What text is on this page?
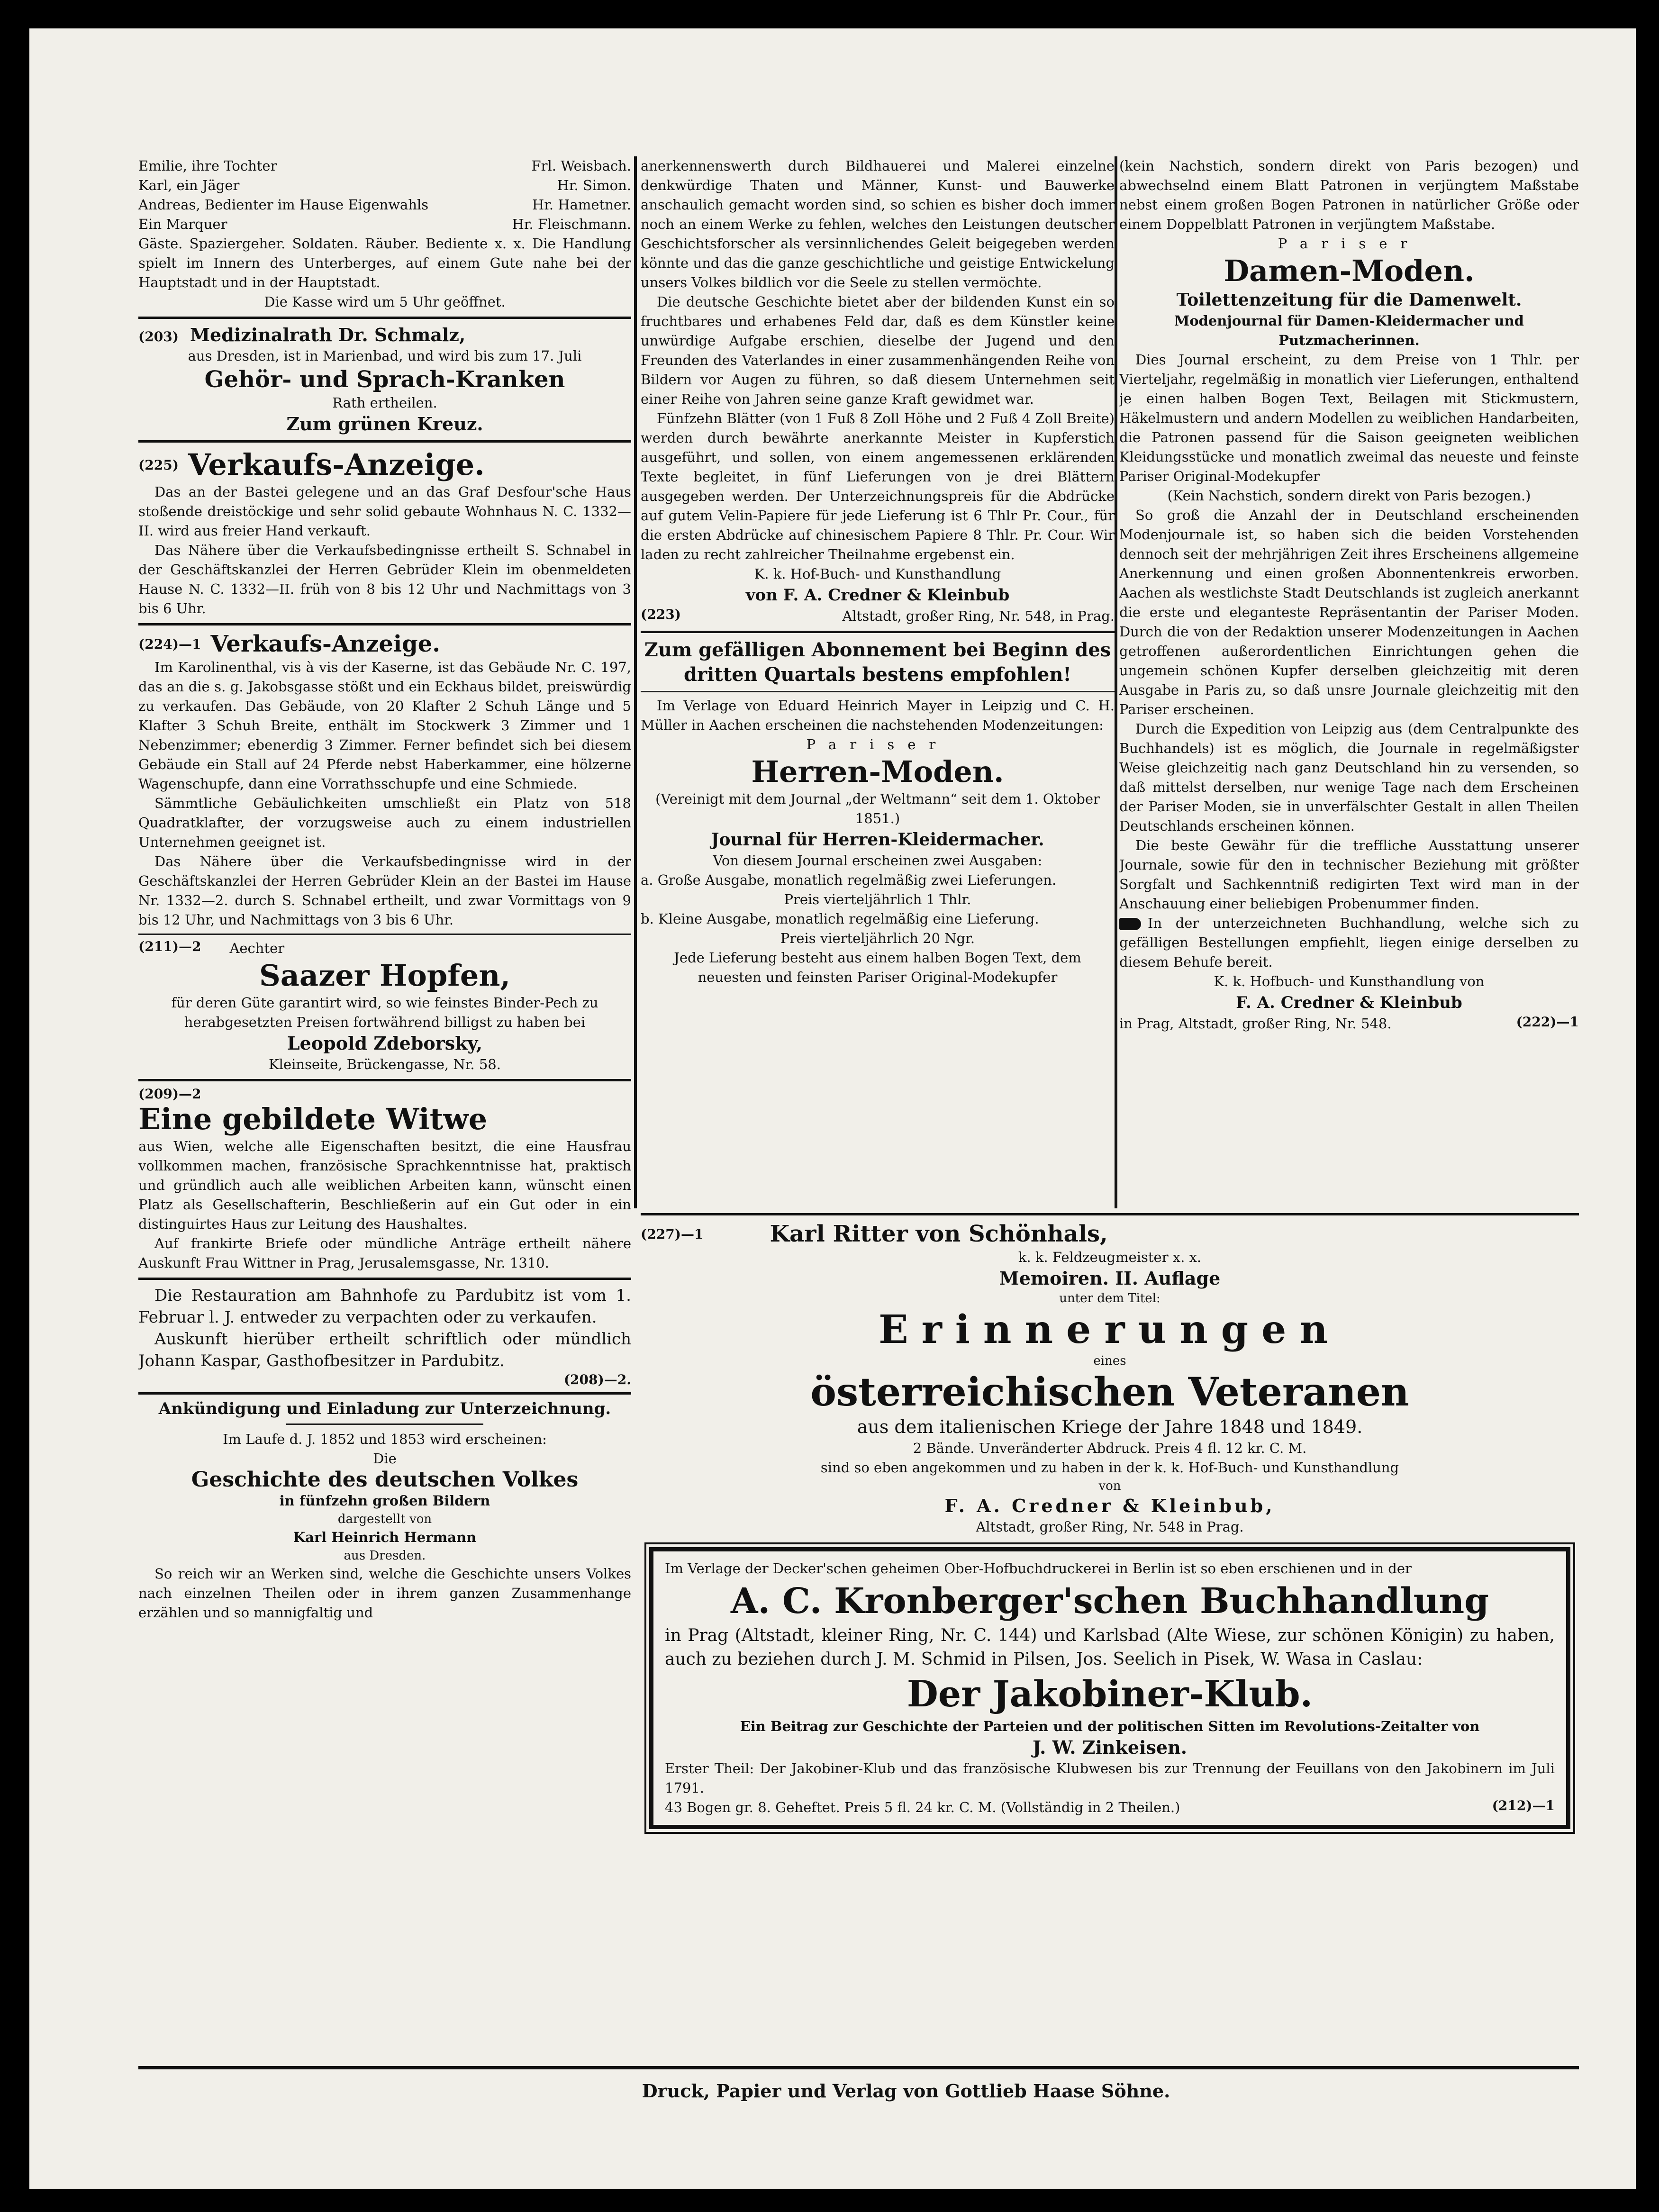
Emilie, ihre Tochter	Frl. Weisbach.
Karl, ein Jäger	Hr. Simon.
Andreas, Bedienter im Hause Eigenwahls	Hr. Hametner.
Ein Marquer	Hr. Fleischmann.

Gäste. Spaziergeher. Soldaten. Räuber. Bediente x. x. Die Handlung spielt im Innern des Unterberges, auf einem Gute nahe bei der Hauptstadt und in der Hauptstadt.

Die Kasse wird um 5 Uhr geöffnet.

(203) Medizinalrath Dr. Schmalz,

aus Dresden, ist in Marienbad, und wird bis zum 17. Juli

Gehör- und Sprach-Kranken

Rath ertheilen.

Zum grünen Kreuz.

(225) Verkaufs-Anzeige.

Das an der Bastei gelegene und an das Graf Desfour'sche Haus stoßende dreistöckige und sehr solid gebaute Wohnhaus N. C. 1332—II. wird aus freier Hand verkauft.

Das Nähere über die Verkaufsbedingnisse ertheilt S. Schnabel in der Geschäftskanzlei der Herren Gebrüder Klein im obenmeldeten Hause N. C. 1332—II. früh von 8 bis 12 Uhr und Nachmittags von 3 bis 6 Uhr.

(224)—1 Verkaufs-Anzeige.

Im Karolinenthal, vis à vis der Kaserne, ist das Gebäude Nr. C. 197, das an die s. g. Jakobsgasse stößt und ein Eckhaus bildet, preiswürdig zu verkaufen. Das Gebäude, von 20 Klafter 2 Schuh Länge und 5 Klafter 3 Schuh Breite, enthält im Stockwerk 3 Zimmer und 1 Nebenzimmer; ebenerdig 3 Zimmer. Ferner befindet sich bei diesem Gebäude ein Stall auf 24 Pferde nebst Haberkammer, eine hölzerne Wagenschupfe, dann eine Vorrathsschupfe und eine Schmiede.

Sämmtliche Gebäulichkeiten umschließt ein Platz von 518 Quadratklafter, der vorzugsweise auch zu einem industriellen Unternehmen geeignet ist.

Das Nähere über die Verkaufsbedingnisse wird in der Geschäftskanzlei der Herren Gebrüder Klein an der Bastei im Hause Nr. 1332—2. durch S. Schnabel ertheilt, und zwar Vormittags von 9 bis 12 Uhr, und Nachmittags von 3 bis 6 Uhr.

(211)—2 Aechter

Saazer Hopfen,

für deren Güte garantirt wird, so wie feinstes Binder-Pech zu herabgesetzten Preisen fortwährend billigst zu haben bei

Leopold Zdeborsky,

Kleinseite, Brückengasse, Nr. 58.

(209)—2

Eine gebildete Witwe

aus Wien, welche alle Eigenschaften besitzt, die eine Hausfrau vollkommen machen, französische Sprachkenntnisse hat, praktisch und gründlich auch alle weiblichen Arbeiten kann, wünscht einen Platz als Gesellschafterin, Beschließerin auf ein Gut oder in ein distinguirtes Haus zur Leitung des Haushaltes.

Auf frankirte Briefe oder mündliche Anträge ertheilt nähere Auskunft Frau Wittner in Prag, Jerusalemsgasse, Nr. 1310.

Die Restauration am Bahnhofe zu Pardubitz ist vom 1. Februar l. J. entweder zu verpachten oder zu verkaufen.

Auskunft hierüber ertheilt schriftlich oder mündlich Johann Kaspar, Gasthofbesitzer in Pardubitz.

(208)—2.

Ankündigung und Einladung zur Unterzeichnung.

Im Laufe d. J. 1852 und 1853 wird erscheinen:

Die

Geschichte des deutschen Volkes

in fünfzehn großen Bildern

dargestellt von

Karl Heinrich Hermann

aus Dresden.

So reich wir an Werken sind, welche die Geschichte unsers Volkes nach einzelnen Theilen oder in ihrem ganzen Zusammenhange erzählen und so mannigfaltig und

anerkennenswerth durch Bildhauerei und Malerei einzelne denkwürdige Thaten und Männer, Kunst- und Bauwerke anschaulich gemacht worden sind, so schien es bisher doch immer noch an einem Werke zu fehlen, welches den Leistungen deutscher Geschichtsforscher als versinnlichendes Geleit beigegeben werden könnte und das die ganze geschichtliche und geistige Entwickelung unsers Volkes bildlich vor die Seele zu stellen vermöchte.

Die deutsche Geschichte bietet aber der bildenden Kunst ein so fruchtbares und erhabenes Feld dar, daß es dem Künstler keine unwürdige Aufgabe erschien, dieselbe der Jugend und den Freunden des Vaterlandes in einer zusammenhängenden Reihe von Bildern vor Augen zu führen, so daß diesem Unternehmen seit einer Reihe von Jahren seine ganze Kraft gewidmet war.

Fünfzehn Blätter (von 1 Fuß 8 Zoll Höhe und 2 Fuß 4 Zoll Breite) werden durch bewährte anerkannte Meister in Kupferstich ausgeführt, und sollen, von einem angemessenen erklärenden Texte begleitet, in fünf Lieferungen von je drei Blättern ausgegeben werden. Der Unterzeichnungspreis für die Abdrücke auf gutem Velin-Papiere für jede Lieferung ist 6 Thlr Pr. Cour., für die ersten Abdrücke auf chinesischem Papiere 8 Thlr. Pr. Cour. Wir laden zu recht zahlreicher Theilnahme ergebenst ein.

K. k. Hof-Buch- und Kunsthandlung

von F. A. Credner & Kleinbub

(223)	Altstadt, großer Ring, Nr. 548, in Prag.

Zum gefälligen Abonnement bei Beginn des dritten Quartals bestens empfohlen!

Im Verlage von Eduard Heinrich Mayer in Leipzig und C. H. Müller in Aachen erscheinen die nachstehenden Modenzeitungen:

Pariser

Herren-Moden.

(Vereinigt mit dem Journal „der Weltmann“ seit dem 1. Oktober 1851.)

Journal für Herren-Kleidermacher.

Von diesem Journal erscheinen zwei Ausgaben:

a. Große Ausgabe, monatlich regelmäßig zwei Lieferungen.

Preis vierteljährlich 1 Thlr.

b. Kleine Ausgabe, monatlich regelmäßig eine Lieferung.

Preis vierteljährlich 20 Ngr.

Jede Lieferung besteht aus einem halben Bogen Text, dem neuesten und feinsten Pariser Original-Modekupfer

(kein Nachstich, sondern direkt von Paris bezogen) und abwechselnd einem Blatt Patronen in verjüngtem Maßstabe nebst einem großen Bogen Patronen in natürlicher Größe oder einem Doppelblatt Patronen in verjüngtem Maßstabe.

Pariser

Damen-Moden.

Toilettenzeitung für die Damenwelt.

Modenjournal für Damen-Kleidermacher und Putzmacherinnen.

Dies Journal erscheint, zu dem Preise von 1 Thlr. per Vierteljahr, regelmäßig in monatlich vier Lieferungen, enthaltend je einen halben Bogen Text, Beilagen mit Stickmustern, Häkelmustern und andern Modellen zu weiblichen Handarbeiten, die Patronen passend für die Saison geeigneten weiblichen Kleidungsstücke und monatlich zweimal das neueste und feinste Pariser Original-Modekupfer

(Kein Nachstich, sondern direkt von Paris bezogen.)

So groß die Anzahl der in Deutschland erscheinenden Modenjournale ist, so haben sich die beiden Vorstehenden dennoch seit der mehrjährigen Zeit ihres Erscheinens allgemeine Anerkennung und einen großen Abonnentenkreis erworben. Aachen als westlichste Stadt Deutschlands ist zugleich anerkannt die erste und eleganteste Repräsentantin der Pariser Moden. Durch die von der Redaktion unserer Modenzeitungen in Aachen getroffenen außerordentlichen Einrichtungen gehen die ungemein schönen Kupfer derselben gleichzeitig mit deren Ausgabe in Paris zu, so daß unsre Journale gleichzeitig mit den Pariser erscheinen.

Durch die Expedition von Leipzig aus (dem Centralpunkte des Buchhandels) ist es möglich, die Journale in regelmäßigster Weise gleichzeitig nach ganz Deutschland hin zu versenden, so daß mittelst derselben, nur wenige Tage nach dem Erscheinen der Pariser Moden, sie in unverfälschter Gestalt in allen Theilen Deutschlands erscheinen können.

Die beste Gewähr für die treffliche Ausstattung unserer Journale, sowie für den in technischer Beziehung mit größter Sorgfalt und Sachkenntniß redigirten Text wird man in der Anschauung einer beliebigen Probenummer finden.

In der unterzeichneten Buchhandlung, welche sich zu gefälligen Bestellungen empfiehlt, liegen einige derselben zu diesem Behufe bereit.

K. k. Hofbuch- und Kunsthandlung von

F. A. Credner & Kleinbub

in Prag, Altstadt, großer Ring, Nr. 548.	(222)—1
(227)—1	Karl Ritter von Schönhals,

k. k. Feldzeugmeister x. x.

Memoiren. II. Auflage

unter dem Titel:

Erinnerungen

eines

österreichischen Veteranen

aus dem italienischen Kriege der Jahre 1848 und 1849.

2 Bände. Unveränderter Abdruck. Preis 4 fl. 12 kr. C. M.

sind so eben angekommen und zu haben in der k. k. Hof-Buch- und Kunsthandlung

von

F. A. Credner & Kleinbub,

Altstadt, großer Ring, Nr. 548 in Prag.

Im Verlage der Decker'schen geheimen Ober-Hofbuchdruckerei in Berlin ist so eben erschienen und in der

A. C. Kronberger'schen Buchhandlung

in Prag (Altstadt, kleiner Ring, Nr. C. 144) und Karlsbad (Alte Wiese, zur schönen Königin) zu haben, auch zu beziehen durch J. M. Schmid in Pilsen, Jos. Seelich in Pisek, W. Wasa in Caslau:

Der Jakobiner-Klub.

Ein Beitrag zur Geschichte der Parteien und der politischen Sitten im Revolutions-Zeitalter von

J. W. Zinkeisen.

Erster Theil: Der Jakobiner-Klub und das französische Klubwesen bis zur Trennung der Feuillans von den Jakobinern im Juli 1791.

43 Bogen gr. 8. Geheftet. Preis 5 fl. 24 kr. C. M. (Vollständig in 2 Theilen.)	(212)—1
Druck, Papier und Verlag von Gottlieb Haase Söhne.
